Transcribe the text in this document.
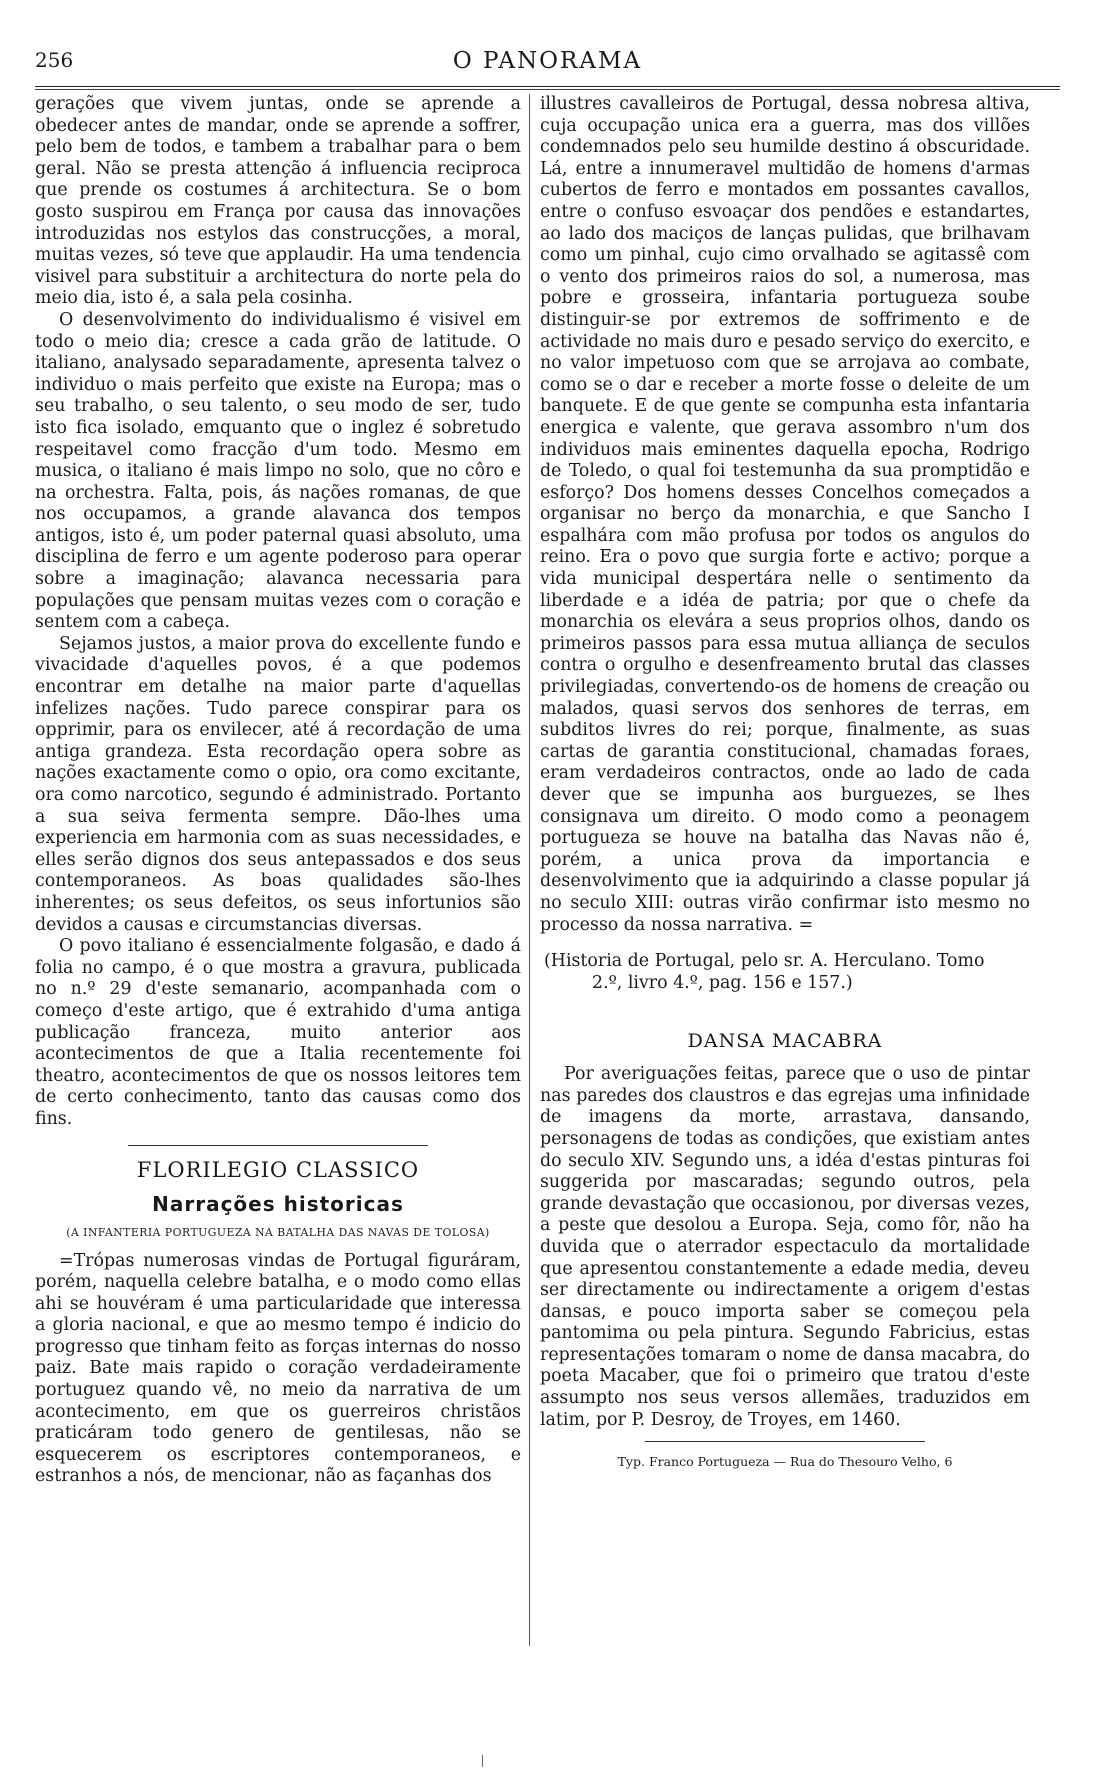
256	O PANORAMA

gerações que vivem juntas, onde se aprende a obedecer antes de mandar, onde se aprende a soffrer, pelo bem de todos, e tambem a trabalhar para o bem geral. Não se presta attenção á influencia reciproca que prende os costumes á architectura. Se o bom gosto suspirou em França por causa das innovações introduzidas nos estylos das construcções, a moral, muitas vezes, só teve que applaudir. Ha uma tendencia visivel para substituir a architectura do norte pela do meio dia, isto é, a sala pela cosinha.

O desenvolvimento do individualismo é visivel em todo o meio dia; cresce a cada grão de latitude. O italiano, analysado separadamente, apresenta talvez o individuo o mais perfeito que existe na Europa; mas o seu trabalho, o seu talento, o seu modo de ser, tudo isto fica isolado, emquanto que o inglez é sobretudo respeitavel como fracção d'um todo. Mesmo em musica, o italiano é mais limpo no solo, que no côro e na orchestra. Falta, pois, ás nações romanas, de que nos occupamos, a grande alavanca dos tempos antigos, isto é, um poder paternal quasi absoluto, uma disciplina de ferro e um agente poderoso para operar sobre a imaginação; alavanca necessaria para populações que pensam muitas vezes com o coração e sentem com a cabeça.

Sejamos justos, a maior prova do excellente fundo e vivacidade d'aquelles povos, é a que podemos encontrar em detalhe na maior parte d'aquellas infelizes nações. Tudo parece conspirar para os opprimir, para os envilecer, até á recordação de uma antiga grandeza. Esta recordação opera sobre as nações exactamente como o opio, ora como excitante, ora como narcotico, segundo é administrado. Portanto a sua seiva fermenta sempre. Dão-lhes uma experiencia em harmonia com as suas necessidades, e elles serão dignos dos seus antepassados e dos seus contemporaneos. As boas qualidades são-lhes inherentes; os seus defeitos, os seus infortunios são devidos a causas e circumstancias diversas.

O povo italiano é essencialmente folgasão, e dado á folia no campo, é o que mostra a gravura, publicada no n.º 29 d'este semanario, acompanhada com o começo d'este artigo, que é extrahido d'uma antiga publicação franceza, muito anterior aos acontecimentos de que a Italia recentemente foi theatro, acontecimentos de que os nossos leitores tem de certo conhecimento, tanto das causas como dos fins.

FLORILEGIO CLASSICO
Narrações historicas
(A INFANTERIA PORTUGUEZA NA BATALHA DAS NAVAS DE TOLOSA)

=Trópas numerosas vindas de Portugal figuráram, porém, naquella celebre batalha, e o modo como ellas ahi se houvéram é uma particularidade que interessa a gloria nacional, e que ao mesmo tempo é indicio do progresso que tinham feito as forças internas do nosso paiz. Bate mais rapido o coração verdadeiramente portuguez quando vê, no meio da narrativa de um acontecimento, em que os guerreiros christãos praticáram todo genero de gentilesas, não se esquecerem os escriptores contemporaneos, e estranhos a nós, de mencionar, não as façanhas dos

illustres cavalleiros de Portugal, dessa nobresa altiva, cuja occupação unica era a guerra, mas dos villões condemnados pelo seu humilde destino á obscuridade. Lá, entre a innumeravel multidão de homens d'armas cubertos de ferro e montados em possantes cavallos, entre o confuso esvoaçar dos pendões e estandartes, ao lado dos maciços de lanças pulidas, que brilhavam como um pinhal, cujo cimo orvalhado se agitassê com o vento dos primeiros raios do sol, a numerosa, mas pobre e grosseira, infantaria portugueza soube distinguir-se por extremos de soffrimento e de actividade no mais duro e pesado serviço do exercito, e no valor impetuoso com que se arrojava ao combate, como se o dar e receber a morte fosse o deleite de um banquete. E de que gente se compunha esta infantaria energica e valente, que gerava assombro n'um dos individuos mais eminentes daquella epocha, Rodrigo de Toledo, o qual foi testemunha da sua promptidão e esforço? Dos homens desses Concelhos começados a organisar no berço da monarchia, e que Sancho I espalhára com mão profusa por todos os angulos do reino. Era o povo que surgia forte e activo; porque a vida municipal despertára nelle o sentimento da liberdade e a idéa de patria; por que o chefe da monarchia os elevára a seus proprios olhos, dando os primeiros passos para essa mutua alliança de seculos contra o orgulho e desenfreamento brutal das classes privilegiadas, convertendo-os de homens de creação ou malados, quasi servos dos senhores de terras, em subditos livres do rei; porque, finalmente, as suas cartas de garantia constitucional, chamadas foraes, eram verdadeiros contractos, onde ao lado de cada dever que se impunha aos burguezes, se lhes consignava um direito. O modo como a peonagem portugueza se houve na batalha das Navas não é, porém, a unica prova da importancia e desenvolvimento que ia adquirindo a classe popular já no seculo XIII: outras virão confirmar isto mesmo no processo da nossa narrativa. =

(Historia de Portugal, pelo sr. A. Herculano. Tomo
2.º, livro 4.º, pag. 156 e 157.)
DANSA MACABRA

Por averiguações feitas, parece que o uso de pintar nas paredes dos claustros e das egrejas uma infinidade de imagens da morte, arrastava, dansando, personagens de todas as condições, que existiam antes do seculo XIV. Segundo uns, a idéa d'estas pinturas foi suggerida por mascaradas; segundo outros, pela grande devastação que occasionou, por diversas vezes, a peste que desolou a Europa. Seja, como fôr, não ha duvida que o aterrador espectaculo da mortalidade que apresentou constantemente a edade media, deveu ser directamente ou indirectamente a origem d'estas dansas, e pouco importa saber se começou pela pantomima ou pela pintura. Segundo Fabricius, estas representações tomaram o nome de dansa macabra, do poeta Macaber, que foi o primeiro que tratou d'este assumpto nos seus versos allemães, traduzidos em latim, por P. Desroy, de Troyes, em 1460.

Typ. Franco Portugueza — Rua do Thesouro Velho, 6
